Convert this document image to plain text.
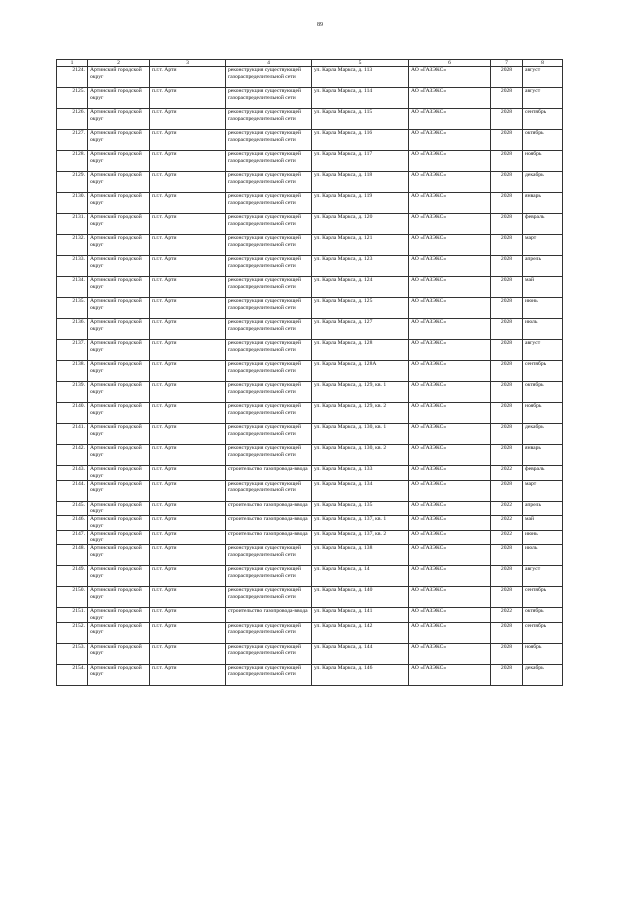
89
1	2	3	4	5	6	7	8
2124.	Артинский городской округ	п.г.т. Арти	реконструкция существующей газораспределительной сети	ул. Карла Маркса, д. 113	АО «ГАЗЭКС»	2028	август
2125.	Артинский городской округ	п.г.т. Арти	реконструкция существующей газораспределительной сети	ул. Карла Маркса, д. 114	АО «ГАЗЭКС»	2028	август
2126.	Артинский городской округ	п.г.т. Арти	реконструкция существующей газораспределительной сети	ул. Карла Маркса, д. 115	АО «ГАЗЭКС»	2028	сентябрь
2127.	Артинский городской округ	п.г.т. Арти	реконструкция существующей газораспределительной сети	ул. Карла Маркса, д. 116	АО «ГАЗЭКС»	2028	октябрь
2128.	Артинский городской округ	п.г.т. Арти	реконструкция существующей газораспределительной сети	ул. Карла Маркса, д. 117	АО «ГАЗЭКС»	2028	ноябрь
2129.	Артинский городской округ	п.г.т. Арти	реконструкция существующей газораспределительной сети	ул. Карла Маркса, д. 118	АО «ГАЗЭКС»	2028	декабрь
2130.	Артинский городской округ	п.г.т. Арти	реконструкция существующей газораспределительной сети	ул. Карла Маркса, д. 119	АО «ГАЗЭКС»	2028	январь
2131.	Артинский городской округ	п.г.т. Арти	реконструкция существующей газораспределительной сети	ул. Карла Маркса, д. 120	АО «ГАЗЭКС»	2028	февраль
2132.	Артинский городской округ	п.г.т. Арти	реконструкция существующей газораспределительной сети	ул. Карла Маркса, д. 121	АО «ГАЗЭКС»	2028	март
2133.	Артинский городской округ	п.г.т. Арти	реконструкция существующей газораспределительной сети	ул. Карла Маркса, д. 123	АО «ГАЗЭКС»	2028	апрель
2134.	Артинский городской округ	п.г.т. Арти	реконструкция существующей газораспределительной сети	ул. Карла Маркса, д. 124	АО «ГАЗЭКС»	2028	май
2135.	Артинский городской округ	п.г.т. Арти	реконструкция существующей газораспределительной сети	ул. Карла Маркса, д. 125	АО «ГАЗЭКС»	2028	июнь
2136.	Артинский городской округ	п.г.т. Арти	реконструкция существующей газораспределительной сети	ул. Карла Маркса, д. 127	АО «ГАЗЭКС»	2028	июль
2137.	Артинский городской округ	п.г.т. Арти	реконструкция существующей газораспределительной сети	ул. Карла Маркса, д. 128	АО «ГАЗЭКС»	2028	август
2138.	Артинский городской округ	п.г.т. Арти	реконструкция существующей газораспределительной сети	ул. Карла Маркса, д. 128А	АО «ГАЗЭКС»	2028	сентябрь
2139.	Артинский городской округ	п.г.т. Арти	реконструкция существующей газораспределительной сети	ул. Карла Маркса, д. 129, кв. 1	АО «ГАЗЭКС»	2028	октябрь
2140.	Артинский городской округ	п.г.т. Арти	реконструкция существующей газораспределительной сети	ул. Карла Маркса, д. 129, кв. 2	АО «ГАЗЭКС»	2028	ноябрь
2141.	Артинский городской округ	п.г.т. Арти	реконструкция существующей газораспределительной сети	ул. Карла Маркса, д. 130, кв. 1	АО «ГАЗЭКС»	2028	декабрь
2142.	Артинский городской округ	п.г.т. Арти	реконструкция существующей газораспределительной сети	ул. Карла Маркса, д. 130, кв. 2	АО «ГАЗЭКС»	2028	январь
2143.	Артинский городской округ	п.г.т. Арти	строительство газопровода-ввода	ул. Карла Маркса, д. 133	АО «ГАЗЭКС»	2022	февраль
2144.	Артинский городской округ	п.г.т. Арти	реконструкция существующей газораспределительной сети	ул. Карла Маркса, д. 134	АО «ГАЗЭКС»	2028	март
2145.	Артинский городской округ	п.г.т. Арти	строительство газопровода-ввода	ул. Карла Маркса, д. 135	АО «ГАЗЭКС»	2022	апрель
2146.	Артинский городской округ	п.г.т. Арти	строительство газопровода-ввода	ул. Карла Маркса, д. 137, кв. 1	АО «ГАЗЭКС»	2022	май
2147.	Артинский городской округ	п.г.т. Арти	строительство газопровода-ввода	ул. Карла Маркса, д. 137, кв. 2	АО «ГАЗЭКС»	2022	июнь
2148.	Артинский городской округ	п.г.т. Арти	реконструкция существующей газораспределительной сети	ул. Карла Маркса, д. 138	АО «ГАЗЭКС»	2028	июль
2149.	Артинский городской округ	п.г.т. Арти	реконструкция существующей газораспределительной сети	ул. Карла Маркса, д. 14	АО «ГАЗЭКС»	2028	август
2150.	Артинский городской округ	п.г.т. Арти	реконструкция существующей газораспределительной сети	ул. Карла Маркса, д. 140	АО «ГАЗЭКС»	2028	сентябрь
2151.	Артинский городской округ	п.г.т. Арти	строительство газопровода-ввода	ул. Карла Маркса, д. 141	АО «ГАЗЭКС»	2022	октябрь
2152.	Артинский городской округ	п.г.т. Арти	реконструкция существующей газораспределительной сети	ул. Карла Маркса, д. 142	АО «ГАЗЭКС»	2028	сентябрь
2153.	Артинский городской округ	п.г.т. Арти	реконструкция существующей газораспределительной сети	ул. Карла Маркса, д. 144	АО «ГАЗЭКС»	2028	ноябрь
2154.	Артинский городской округ	п.г.т. Арти	реконструкция существующей газораспределительной сети	ул. Карла Маркса, д. 146	АО «ГАЗЭКС»	2028	декабрь
